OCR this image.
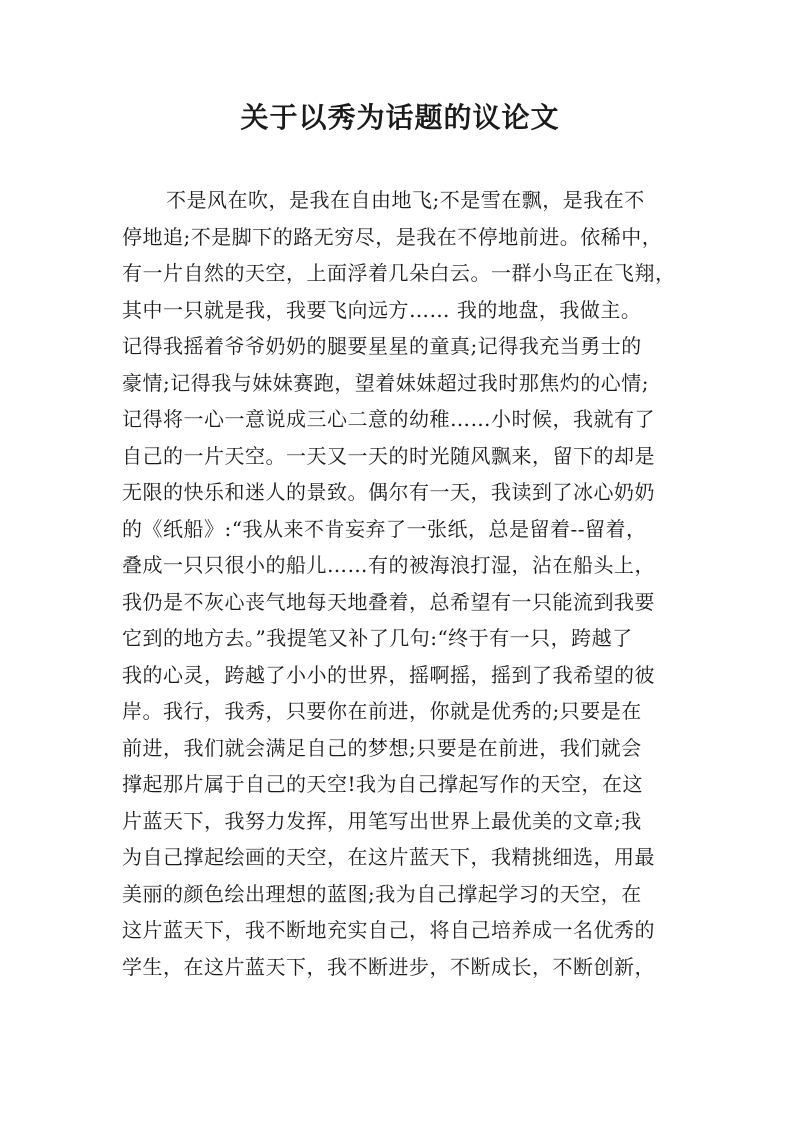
关于以秀为话题的议论文
不是风在吹，是我在自由地飞;不是雪在飘，是我在不
停地追;不是脚下的路无穷尽，是我在不停地前进。依稀中，
有一片自然的天空，上面浮着几朵白云。一群小鸟正在飞翔，
其中一只就是我，我要飞向远方…… 我的地盘，我做主。
记得我摇着爷爷奶奶的腿要星星的童真;记得我充当勇士的
豪情;记得我与妹妹赛跑，望着妹妹超过我时那焦灼的心情;
记得将一心一意说成三心二意的幼稚……小时候，我就有了
自己的一片天空。一天又一天的时光随风飘来，留下的却是
无限的快乐和迷人的景致。偶尔有一天，我读到了冰心奶奶
的《纸船》:“我从来不肯妄弃了一张纸，总是留着--留着，
叠成一只只很小的船儿……有的被海浪打湿，沾在船头上，
我仍是不灰心丧气地每天地叠着，总希望有一只能流到我要
它到的地方去。”我提笔又补了几句:“终于有一只，跨越了
我的心灵，跨越了小小的世界，摇啊摇，摇到了我希望的彼
岸。我行，我秀，只要你在前进，你就是优秀的;只要是在
前进，我们就会满足自己的梦想;只要是在前进，我们就会
撑起那片属于自己的天空!我为自己撑起写作的天空，在这
片蓝天下，我努力发挥，用笔写出世界上最优美的文章;我
为自己撑起绘画的天空，在这片蓝天下，我精挑细选，用最
美丽的颜色绘出理想的蓝图;我为自己撑起学习的天空，在
这片蓝天下，我不断地充实自己，将自己培养成一名优秀的
学生，在这片蓝天下，我不断进步，不断成长，不断创新，
